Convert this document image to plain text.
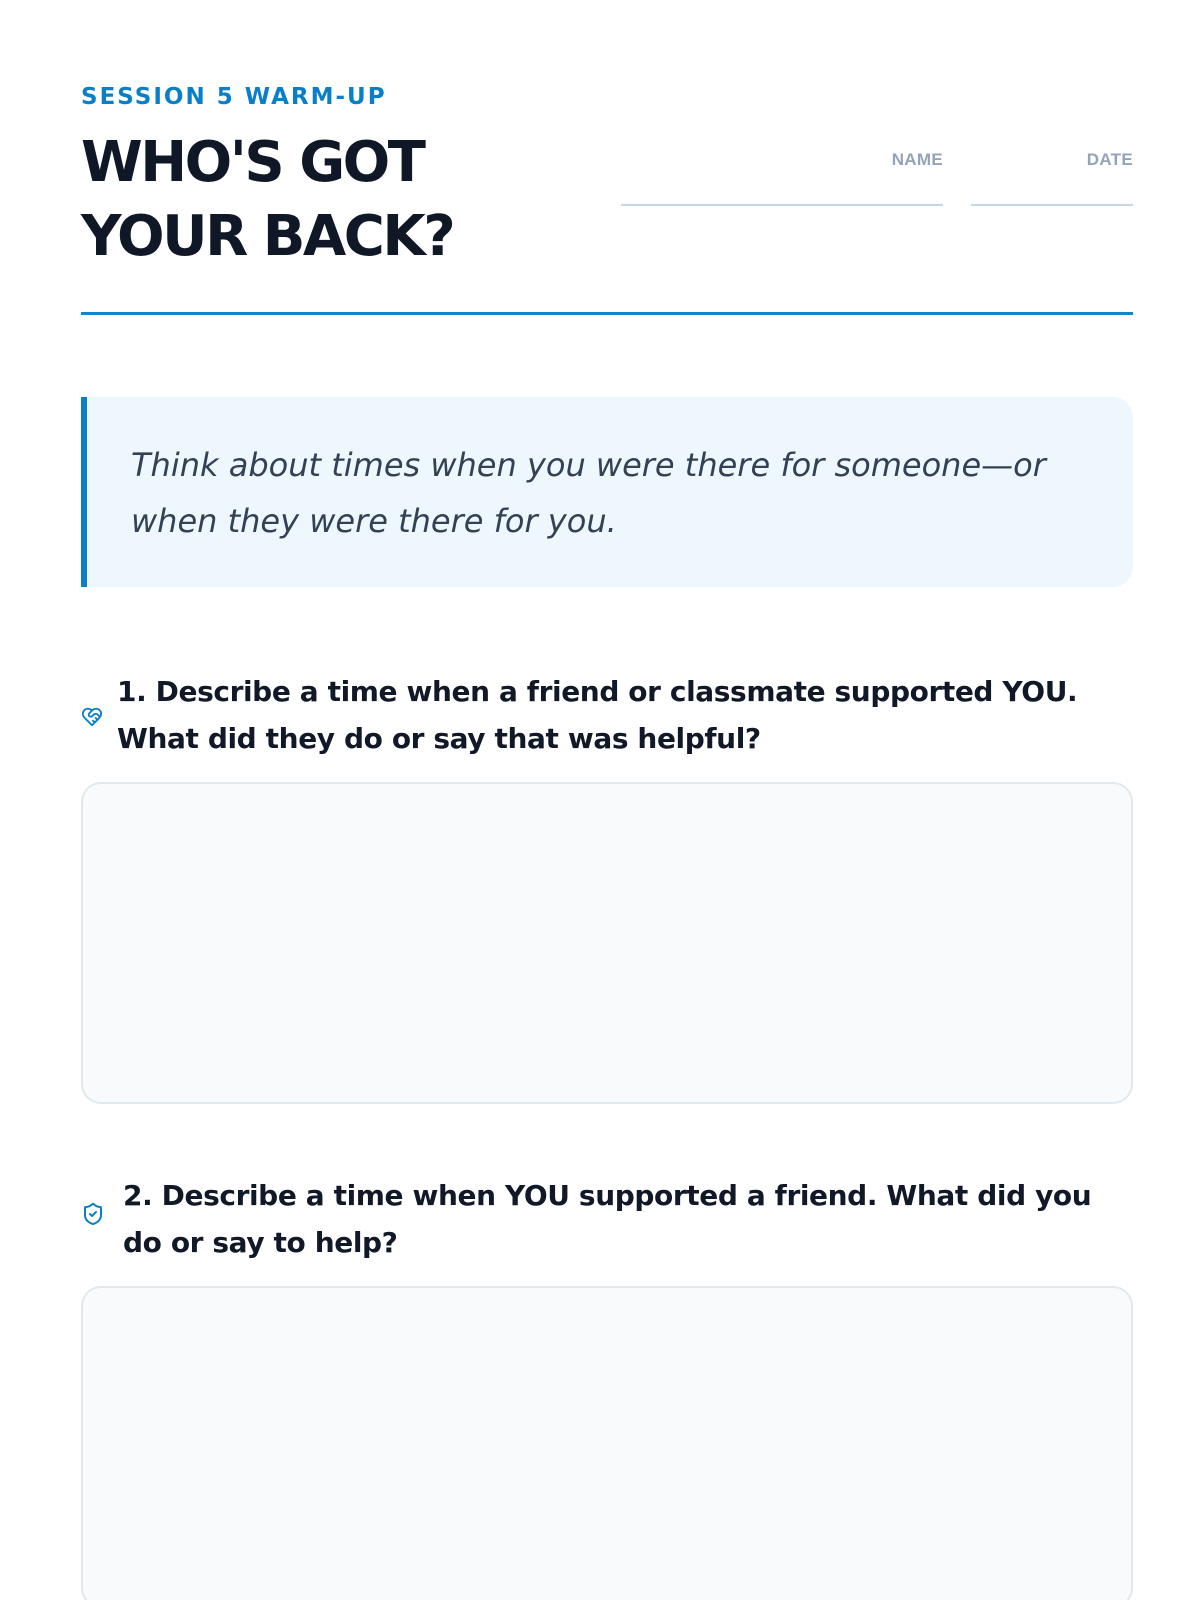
SESSION 5 WARM-UP
WHO'S GOT
YOUR BACK?
NAME	DATE

Think about times when you were there for someone—or
when they were there for you.

1. Describe a time when a friend or classmate supported YOU. What did they do or say that was helpful?

2. Describe a time when YOU supported a friend. What did you do or say to help?
